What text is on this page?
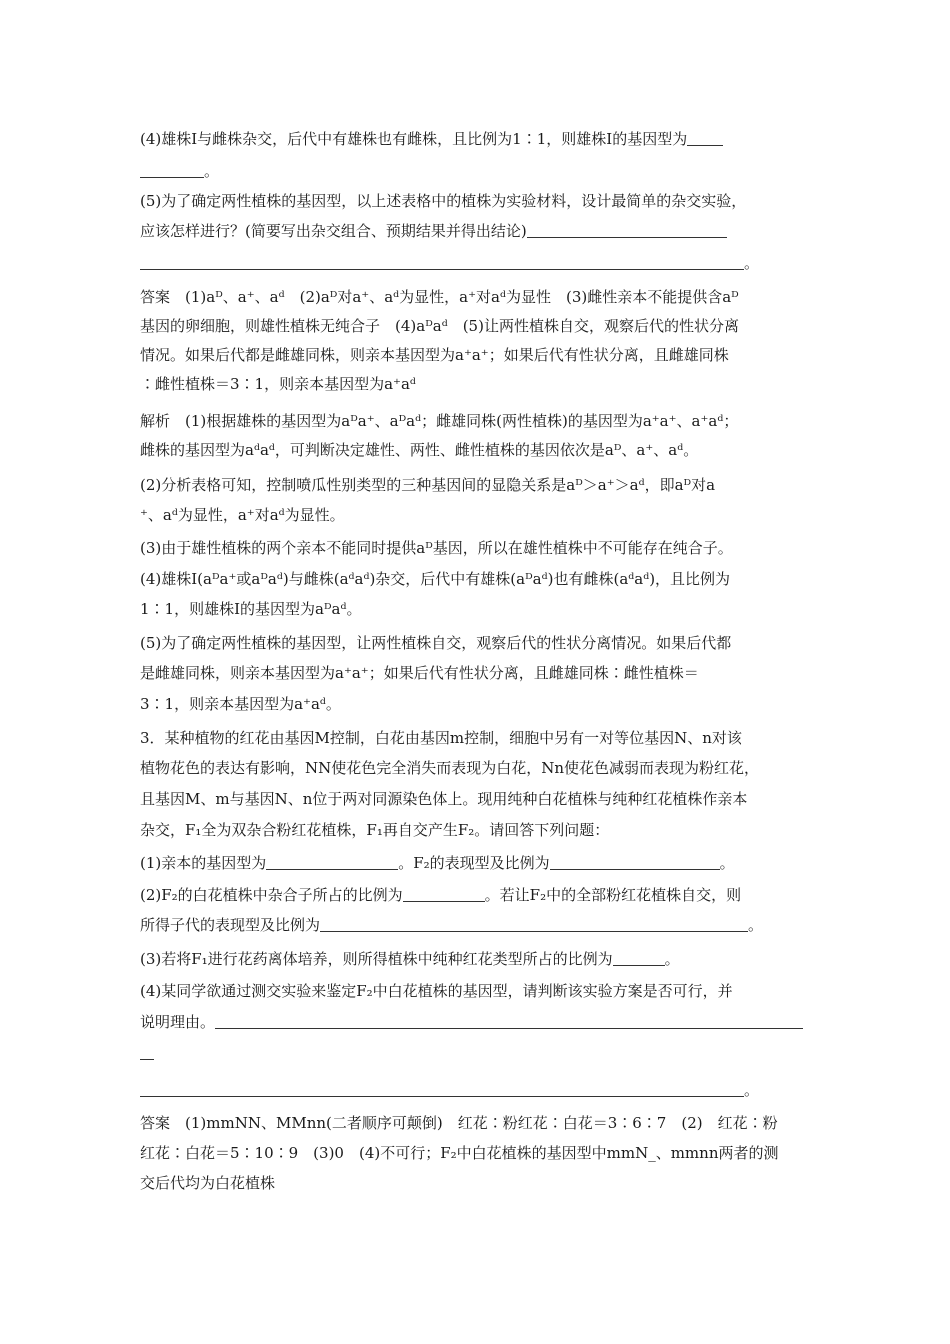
(4)雄株Ⅰ与雌株杂交，后代中有雄株也有雌株，且比例为1∶1，则雄株Ⅰ的基因型为
。
(5)为了确定两性植株的基因型，以上述表格中的植株为实验材料，设计最简单的杂交实验，
应该怎样进行？(简要写出杂交组合、预期结果并得出结论)
。
答案　 (1)aᴰ、a⁺、aᵈ　(2)aᴰ对a⁺、aᵈ为显性，a⁺对aᵈ为显性　(3)雌性亲本不能提供含aᴰ
基因的卵细胞，则雄性植株无纯合子　(4)aᴰaᵈ　(5)让两性植株自交，观察后代的性状分离
情况。如果后代都是雌雄同株，则亲本基因型为a⁺a⁺；如果后代有性状分离，且雌雄同株
∶雌性植株＝3∶1，则亲本基因型为a⁺aᵈ
解析　 (1)根据雄株的基因型为aᴰa⁺、aᴰaᵈ；雌雄同株(两性植株)的基因型为a⁺a⁺、a⁺aᵈ；
雌株的基因型为aᵈaᵈ，可判断决定雄性、两性、雌性植株的基因依次是aᴰ、a⁺、aᵈ。
(2)分析表格可知，控制喷瓜性别类型的三种基因间的显隐关系是aᴰ＞a⁺＞aᵈ，即aᴰ对a
⁺、aᵈ为显性，a⁺对aᵈ为显性。
(3)由于雄性植株的两个亲本不能同时提供aᴰ基因，所以在雄性植株中不可能存在纯合子。
(4)雄株Ⅰ(aᴰa⁺或aᴰaᵈ)与雌株(aᵈaᵈ)杂交，后代中有雄株(aᴰaᵈ)也有雌株(aᵈaᵈ)，且比例为
1∶1，则雄株Ⅰ的基因型为aᴰaᵈ。
(5)为了确定两性植株的基因型，让两性植株自交，观察后代的性状分离情况。如果后代都
是雌雄同株，则亲本基因型为a⁺a⁺；如果后代有性状分离，且雌雄同株∶雌性植株＝
3∶1，则亲本基因型为a⁺aᵈ。
3．某种植物的红花由基因M控制，白花由基因m控制，细胞中另有一对等位基因N、n对该
植物花色的表达有影响，NN使花色完全消失而表现为白花，Nn使花色减弱而表现为粉红花，
且基因M、m与基因N、n位于两对同源染色体上。现用纯种白花植株与纯种红花植株作亲本
杂交，F₁全为双杂合粉红花植株，F₁再自交产生F₂。请回答下列问题：
(1)亲本的基因型为	。F₂的表现型及比例为	。
(2)F₂的白花植株中杂合子所占的比例为	。若让F₂中的全部粉红花植株自交，则
所得子代的表现型及比例为	。
(3)若将F₁进行花药离体培养，则所得植株中纯种红花类型所占的比例为	。
(4)某同学欲通过测交实验来鉴定F₂中白花植株的基因型，请判断该实验方案是否可行，并
说明理由。
。
答案　 (1)mmNN、MMnn(二者顺序可颠倒)　红花∶粉红花∶白花＝3∶6∶7　(2)　红花∶粉
红花∶白花＝5∶10∶9　(3)0　(4)不可行；F₂中白花植株的基因型中mmN_、mmnn两者的测
交后代均为白花植株
